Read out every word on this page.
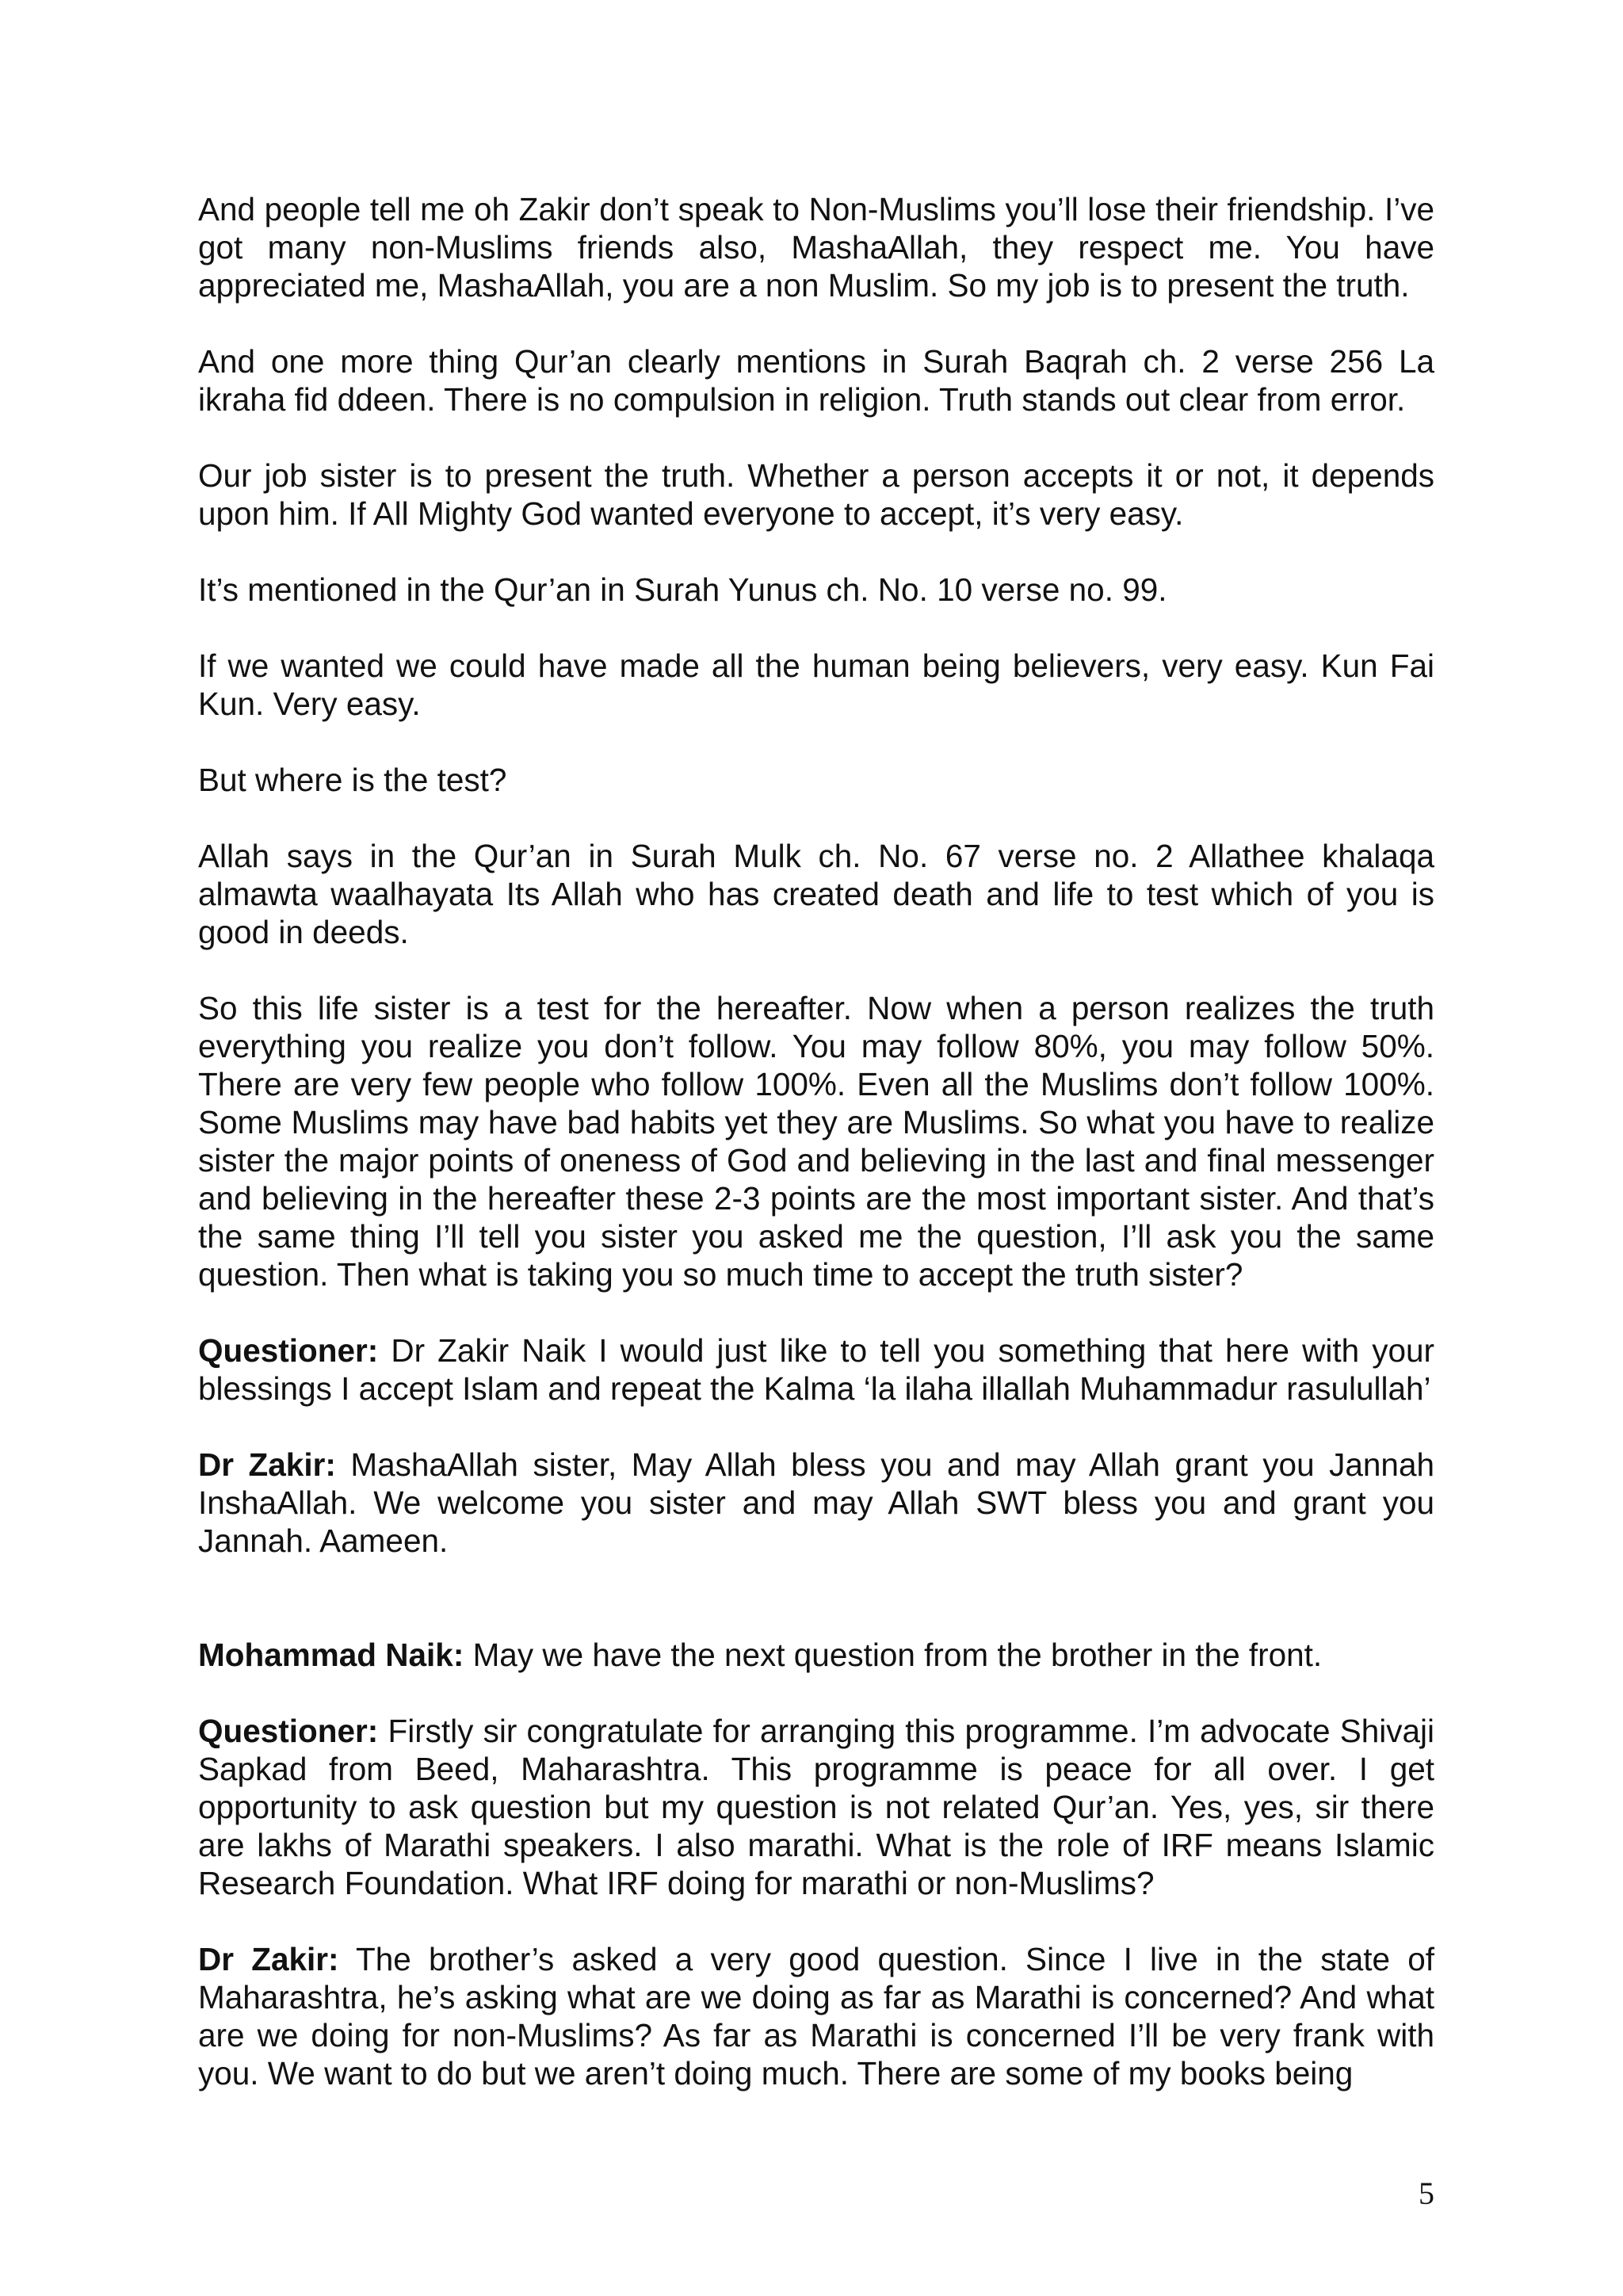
And people tell me oh Zakir don’t speak to Non-Muslims you’ll lose their friendship. I’ve got many non-Muslims friends also, MashaAllah, they respect me. You have appreciated me, MashaAllah, you are a non Muslim. So my job is to present the truth.

And one more thing Qur’an clearly mentions in Surah Baqrah ch. 2 verse 256 La ikraha fid ddeen. There is no compulsion in religion. Truth stands out clear from error.

Our job sister is to present the truth. Whether a person accepts it or not, it depends upon him. If All Mighty God wanted everyone to accept, it’s very easy.

It’s mentioned in the Qur’an in Surah Yunus ch. No. 10 verse no. 99.

If we wanted we could have made all the human being believers, very easy. Kun Fai Kun. Very easy.

But where is the test?

Allah says in the Qur’an in Surah Mulk ch. No. 67 verse no. 2 Allathee khalaqa almawta waalhayata Its Allah who has created death and life to test which of you is good in deeds.

So this life sister is a test for the hereafter. Now when a person realizes the truth everything you realize you don’t follow. You may follow 80%, you may follow 50%. There are very few people who follow 100%. Even all the Muslims don’t follow 100%. Some Muslims may have bad habits yet they are Muslims. So what you have to realize sister the major points of oneness of God and believing in the last and final messenger and believing in the hereafter these 2-3 points are the most important sister. And that’s the same thing I’ll tell you sister you asked me the question, I’ll ask you the same question. Then what is taking you so much time to accept the truth sister?

Questioner: Dr Zakir Naik I would just like to tell you something that here with your blessings I accept Islam and repeat the Kalma ‘la ilaha illallah Muhammadur rasulullah’

Dr Zakir: MashaAllah sister, May Allah bless you and may Allah grant you Jannah InshaAllah. We welcome you sister and may Allah SWT bless you and grant you Jannah. Aameen.

Mohammad Naik: May we have the next question from the brother in the front.

Questioner: Firstly sir congratulate for arranging this programme. I’m advocate Shivaji Sapkad from Beed, Maharashtra. This programme is peace for all over. I get opportunity to ask question but my question is not related Qur’an. Yes, yes, sir there are lakhs of Marathi speakers. I also marathi. What is the role of IRF means Islamic Research Foundation. What IRF doing for marathi or non-Muslims?

Dr Zakir: The brother’s asked a very good question. Since I live in the state of Maharashtra, he’s asking what are we doing as far as Marathi is concerned? And what are we doing for non-Muslims? As far as Marathi is concerned I’ll be very frank with you. We want to do but we aren’t doing much. There are some of my books being

5
